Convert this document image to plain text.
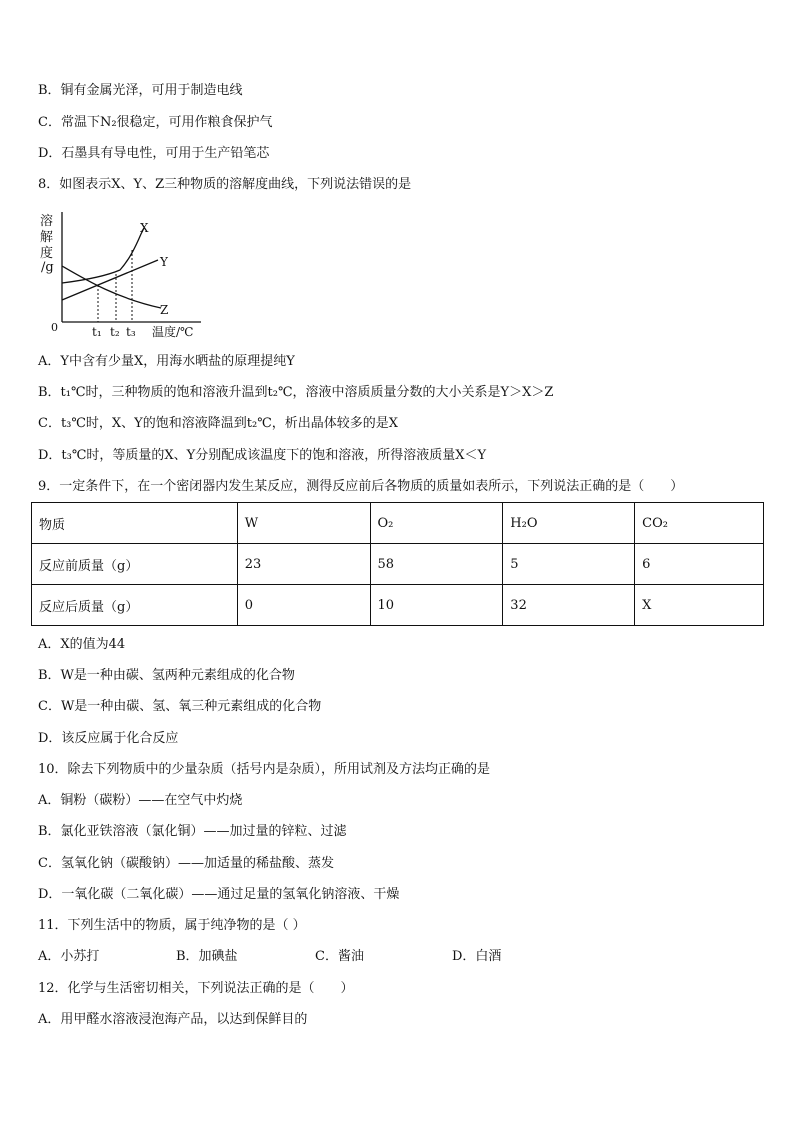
B．铜有金属光泽，可用于制造电线
C．常温下N₂很稳定，可用作粮食保护气
D．石墨具有导电性，可用于生产铅笔芯
8．如图表示X、Y、Z三种物质的溶解度曲线，下列说法错误的是
溶
解
度
/g
0
X
Y
Z
t₁ t₂ t₃ 温度/℃
A．Y中含有少量X，用海水晒盐的原理提纯Y
B．t₁℃时，三种物质的饱和溶液升温到t₂℃，溶液中溶质质量分数的大小关系是Y＞X＞Z
C．t₃℃时，X、Y的饱和溶液降温到t₂℃，析出晶体较多的是X
D．t₃℃时，等质量的X、Y分别配成该温度下的饱和溶液，所得溶液质量X＜Y
9．一定条件下，在一个密闭器内发生某反应，测得反应前后各物质的质量如表所示，下列说法正确的是（　　）
物质	W	O₂	H₂O	CO₂
反应前质量（g）	23	58	5	6
反应后质量（g）	0	10	32	X
A．X的值为44
B．W是一种由碳、氢两种元素组成的化合物
C．W是一种由碳、氢、氧三种元素组成的化合物
D．该反应属于化合反应
10．除去下列物质中的少量杂质（括号内是杂质），所用试剂及方法均正确的是
A．铜粉（碳粉）——在空气中灼烧
B．氯化亚铁溶液（氯化铜）——加过量的锌粒、过滤
C．氢氧化钠（碳酸钠）——加适量的稀盐酸、蒸发
D．一氧化碳（二氧化碳）——通过足量的氢氧化钠溶液、干燥
11．下列生活中的物质，属于纯净物的是（ ）
A．小苏打	B．加碘盐	C．酱油	D．白酒
12．化学与生活密切相关，下列说法正确的是（　　）
A．用甲醛水溶液浸泡海产品，以达到保鲜目的
